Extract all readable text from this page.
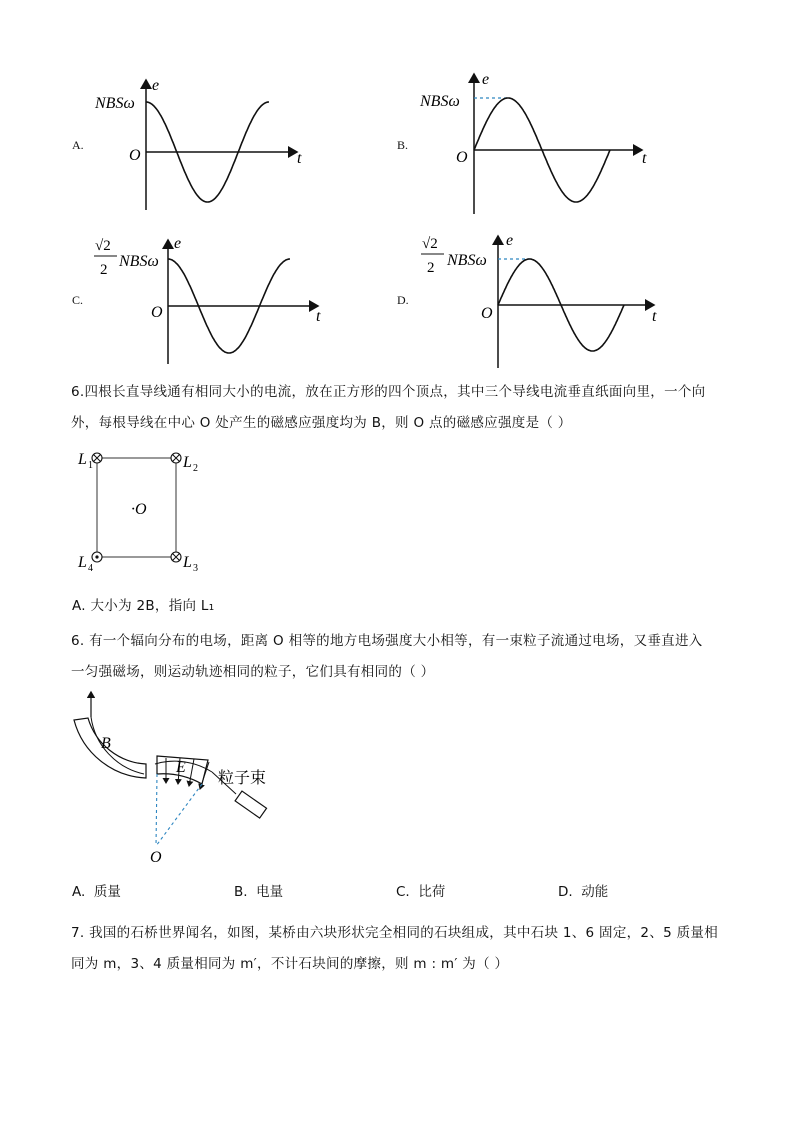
e
t
O
NBSω
e
t
O
NBSω
e
t
O
√2
2 NBSω
e
t
O
√2
2 NBSω
A.	B.
C.	D.
6.四根长直导线通有相同大小的电流，放在正方形的四个顶点，其中三个导线电流垂直纸面向里，一个向
外，每根导线在中心 O 处产生的磁感应强度均为 B，则 O 点的磁感应强度是（ ）
L 1	L 2
L 3
L 4
·O
A. 大小为 2B，指向 L₁
6. 有一个辐向分布的电场，距离 O 相等的地方电场强度大小相等，有一束粒子流通过电场，又垂直进入
一匀强磁场，则运动轨迹相同的粒子，它们具有相同的（ ）
B
E
O
粒子束
A. 质量	B. 电量	C. 比荷	D. 动能
7. 我国的石桥世界闻名，如图，某桥由六块形状完全相同的石块组成，其中石块 1、6 固定，2、5 质量相
同为 m，3、4 质量相同为 m′，不计石块间的摩擦，则 m : m′ 为（ ）
